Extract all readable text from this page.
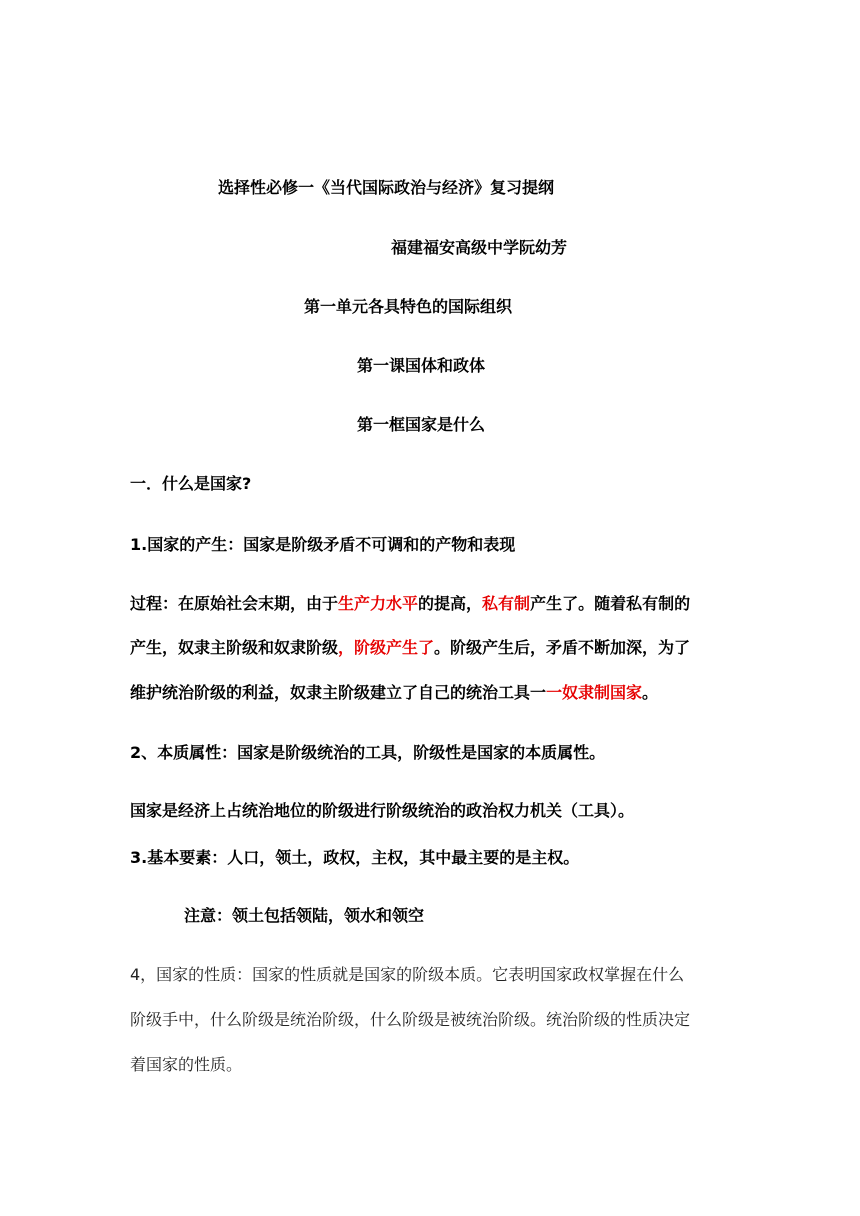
选择性必修一《当代国际政治与经济》复习提纲
福建福安高级中学阮幼芳
第一单元各具特色的国际组织
第一课国体和政体
第一框国家是什么
一．什么是国家?
1.国家的产生：国家是阶级矛盾不可调和的产物和表现
过程：在原始社会末期，由于生产力水平的提高，私有制产生了。随着私有制的
产生，奴隶主阶级和奴隶阶级，阶级产生了。阶级产生后，矛盾不断加深，为了
维护统治阶级的利益，奴隶主阶级建立了自己的统治工具一一奴隶制国家。
2、本质属性：国家是阶级统治的工具，阶级性是国家的本质属性。
国家是经济上占统治地位的阶级进行阶级统治的政治权力机关（工具）。
3.基本要素：人口，领土，政权，主权，其中最主要的是主权。
注意：领土包括领陆，领水和领空
4，国家的性质：国家的性质就是国家的阶级本质。它表明国家政权掌握在什么
阶级手中，什么阶级是统治阶级，什么阶级是被统治阶级。统治阶级的性质决定
着国家的性质。
